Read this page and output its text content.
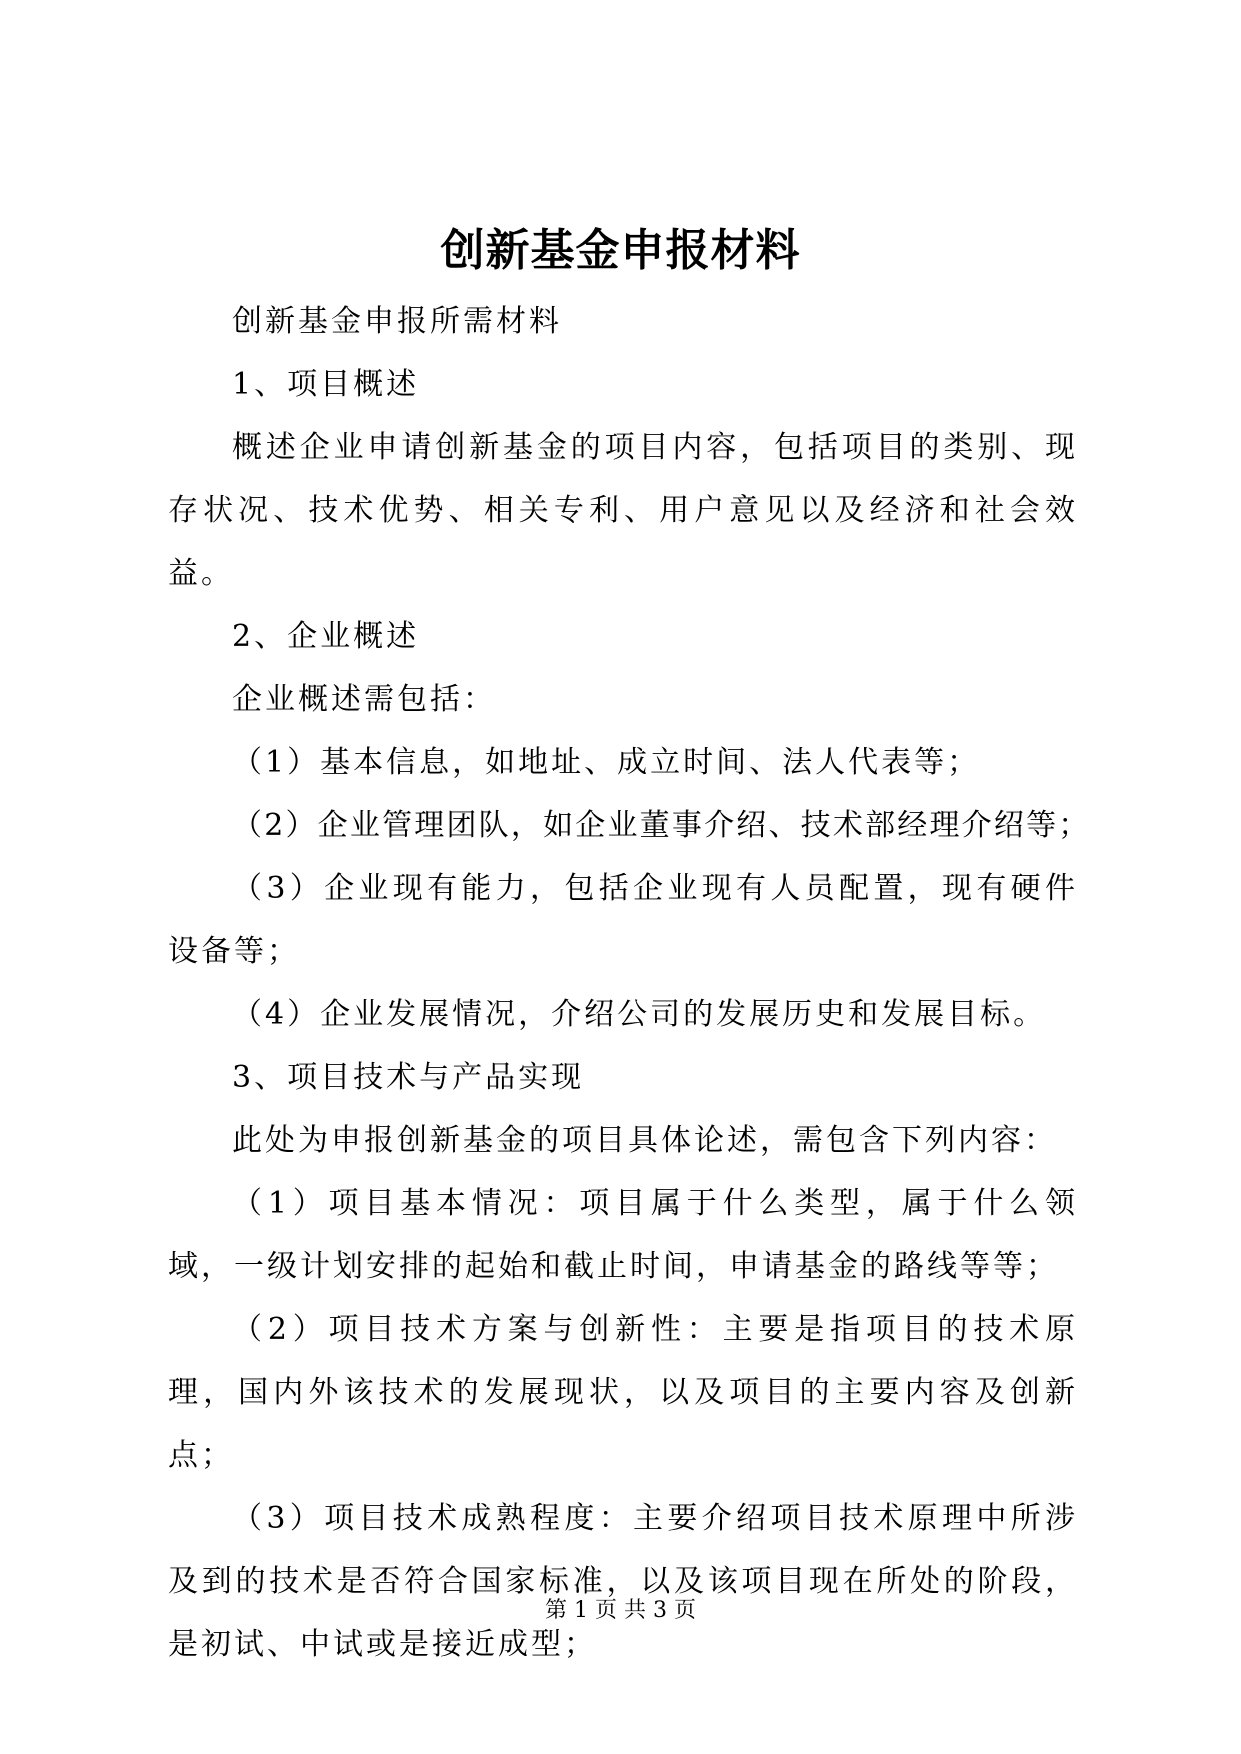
创新基金申报材料

创新基金申报所需材料

1、项目概述

概述企业申请创新基金的项目内容，包括项目的类别、现存状况、技术优势、相关专利、用户意见以及经济和社会效益。

2、企业概述

企业概述需包括：

（1）基本信息，如地址、成立时间、法人代表等；

（2）企业管理团队，如企业董事介绍、技术部经理介绍等；

（3）企业现有能力，包括企业现有人员配置，现有硬件设备等；

（4）企业发展情况，介绍公司的发展历史和发展目标。

3、项目技术与产品实现

此处为申报创新基金的项目具体论述，需包含下列内容：

（1）项目基本情况：项目属于什么类型，属于什么领域，一级计划安排的起始和截止时间，申请基金的路线等等；

（2）项目技术方案与创新性：主要是指项目的技术原理，国内外该技术的发展现状，以及项目的主要内容及创新点；

（3）项目技术成熟程度：主要介绍项目技术原理中所涉及到的技术是否符合国家标准，以及该项目现在所处的阶段，是初试、中试或是接近成型；

第 1 页 共 3 页
